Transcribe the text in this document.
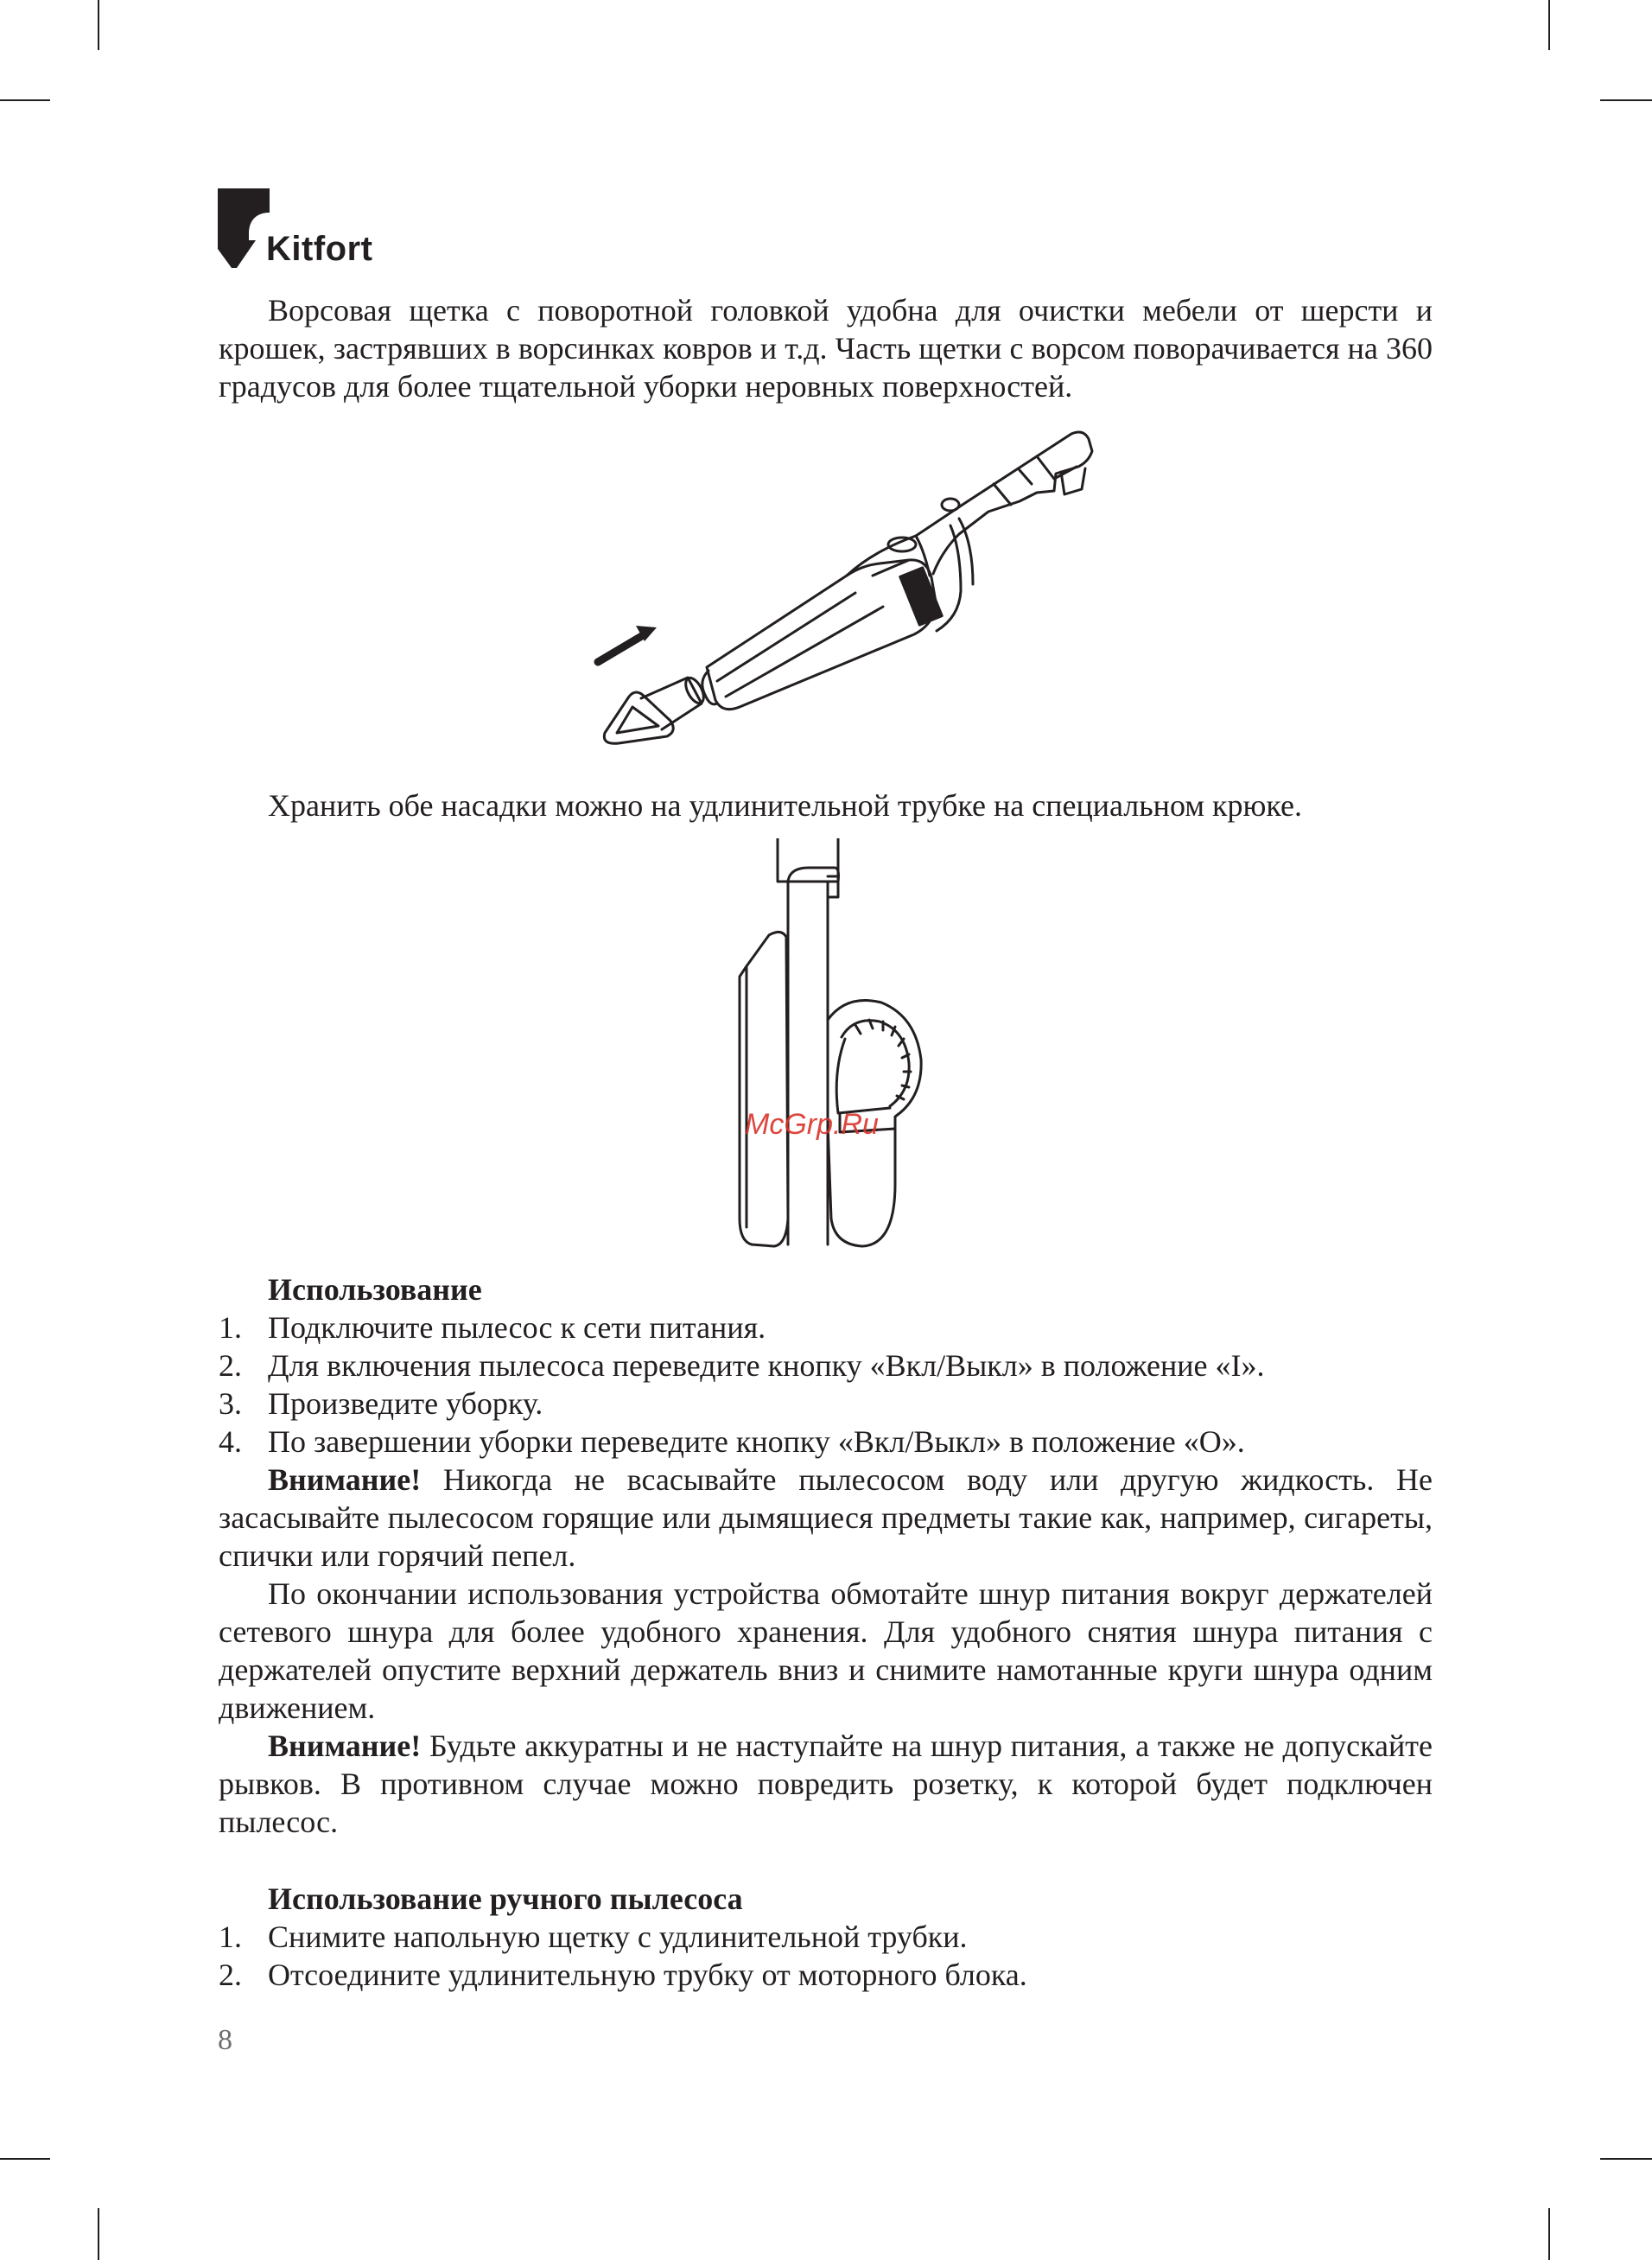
Kitfort

Ворсовая щетка с поворотной головкой удобна для очистки мебели от шерсти и крошек, застрявших в ворсинках ковров и т.д. Часть щетки с ворсом поворачивается на 360 градусов для более тщательной уборки неровных поверхностей.

Хранить обе насадки можно на удлинительной трубке на специальном крюке.

McGrp.Ru

Использование

1. Подключите пылесос к сети питания.
2. Для включения пылесоса переведите кнопку «Вкл/Выкл» в положение «I».
3. Произведите уборку.
4. По завершении уборки переведите кнопку «Вкл/Выкл» в положение «O».

Внимание! Никогда не всасывайте пылесосом воду или другую жидкость. Не засасывайте пылесосом горящие или дымящиеся предметы такие как, например, сигареты, спички или горячий пепел.

По окончании использования устройства обмотайте шнур питания вокруг держателей сетевого шнура для более удобного хранения. Для удобного снятия шнура питания с держателей опустите верхний держатель вниз и снимите намотанные круги шнура одним движением.

Внимание! Будьте аккуратны и не наступайте на шнур питания, а также не допускайте рывков. В противном случае можно повредить розетку, к которой будет подключен пылесос.

Использование ручного пылесоса

1. Снимите напольную щетку с удлинительной трубки.
2. Отсоедините удлинительную трубку от моторного блока.
8
